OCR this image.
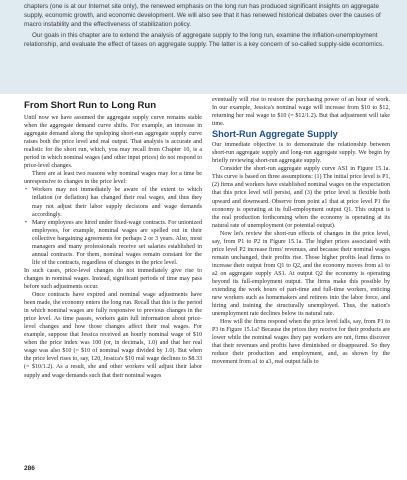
chapters (one is at our Internet site only), the renewed emphasis on the long run has produced significant insights on aggregate supply, economic growth, and economic development. We will also see that it has renewed historical debates over the causes of macro instability and the effectiveness of stabilization policy.

Our goals in this chapter are to extend the analysis of aggregate supply to the long run, examine the inflation-unemployment relationship, and evaluate the effect of taxes on aggregate supply. The latter is a key concern of so-called supply-side economics.

From Short Run to Long Run

Until now we have assumed the aggregate supply curve remains stable when the aggregate demand curve shifts. For example, an increase in aggregate demand along the upsloping short-run aggregate supply curve raises both the price level and real output. That analysis is accurate and realistic for the short run, which, you may recall from Chapter 10, is a period in which nominal wages (and other input prices) do not respond to price-level changes.

There are at least two reasons why nominal wages may for a time be unresponsive to changes in the price level:

• Workers may not immediately be aware of the extent to which inflation (or deflation) has changed their real wages, and thus they may not adjust their labor supply decisions and wage demands accordingly.
• Many employees are hired under fixed-wage contracts. For unionized employees, for example, nominal wages are spelled out in their collective bargaining agreements for perhaps 2 or 3 years. Also, most managers and many professionals receive set salaries established in annual contracts. For them, nominal wages remain constant for the life of the contracts, regardless of changes in the price level.

In such cases, price-level changes do not immediately give rise to changes in nominal wages. Instead, significant periods of time may pass before such adjustments occur.

Once contracts have expired and nominal wage adjustments have been made, the economy enters the long run. Recall that this is the period in which nominal wages are fully responsive to previous changes in the price level. As time passes, workers gain full information about price-level changes and how those changes affect their real wages. For example, suppose that Jessica received an hourly nominal wage of $10 when the price index was 100 (or, in decimals, 1.0) and that her real wage was also $10 (= $10 of nominal wage divided by 1.0). But when the price level rises to, say, 120, Jessica's $10 real wage declines to $8.33 (= $10/1.2). As a result, she and other workers will adjust their labor supply and wage demands such that their nominal wages

eventually will rise to restore the purchasing power of an hour of work. In our example, Jessica's nominal wage will increase from $10 to $12, returning her real wage to $10 (= $12/1.2). But that adjustment will take time.

Short-Run Aggregate Supply

Our immediate objective is to demonstrate the relationship between short-run aggregate supply and long-run aggregate supply. We begin by briefly reviewing short-run aggregate supply.

Consider the short-run aggregate supply curve AS1 in Figure 15.1a. This curve is based on three assumptions: (1) The initial price level is P1, (2) firms and workers have established nominal wages on the expectation that this price level will persist, and (3) the price level is flexible both upward and downward. Observe from point a1 that at price level P1 the economy is operating at its full-employment output Q1. This output is the real production forthcoming when the economy is operating at its natural rate of unemployment (or potential output).

Now let's review the short-run effects of changes in the price level, say, from P1 to P2 in Figure 15.1a. The higher prices associated with price level P2 increase firms' revenues, and because their nominal wages remain unchanged, their profits rise. Those higher profits lead firms to increase their output from Q1 to Q2, and the economy moves from a1 to a2 on aggregate supply AS1. At output Q2 the economy is operating beyond its full-employment output. The firms make this possible by extending the work hours of part-time and full-time workers, enticing new workers such as homemakers and retirees into the labor force, and hiring and training the structurally unemployed. Thus, the nation's unemployment rate declines below its natural rate.

How will the firms respond when the price level falls, say, from P1 to P3 in Figure 15.1a? Because the prices they receive for their products are lower while the nominal wages they pay workers are not, firms discover that their revenues and profits have diminished or disappeared. So they reduce their production and employment, and, as shown by the movement from a1 to a3, real output falls to

286
